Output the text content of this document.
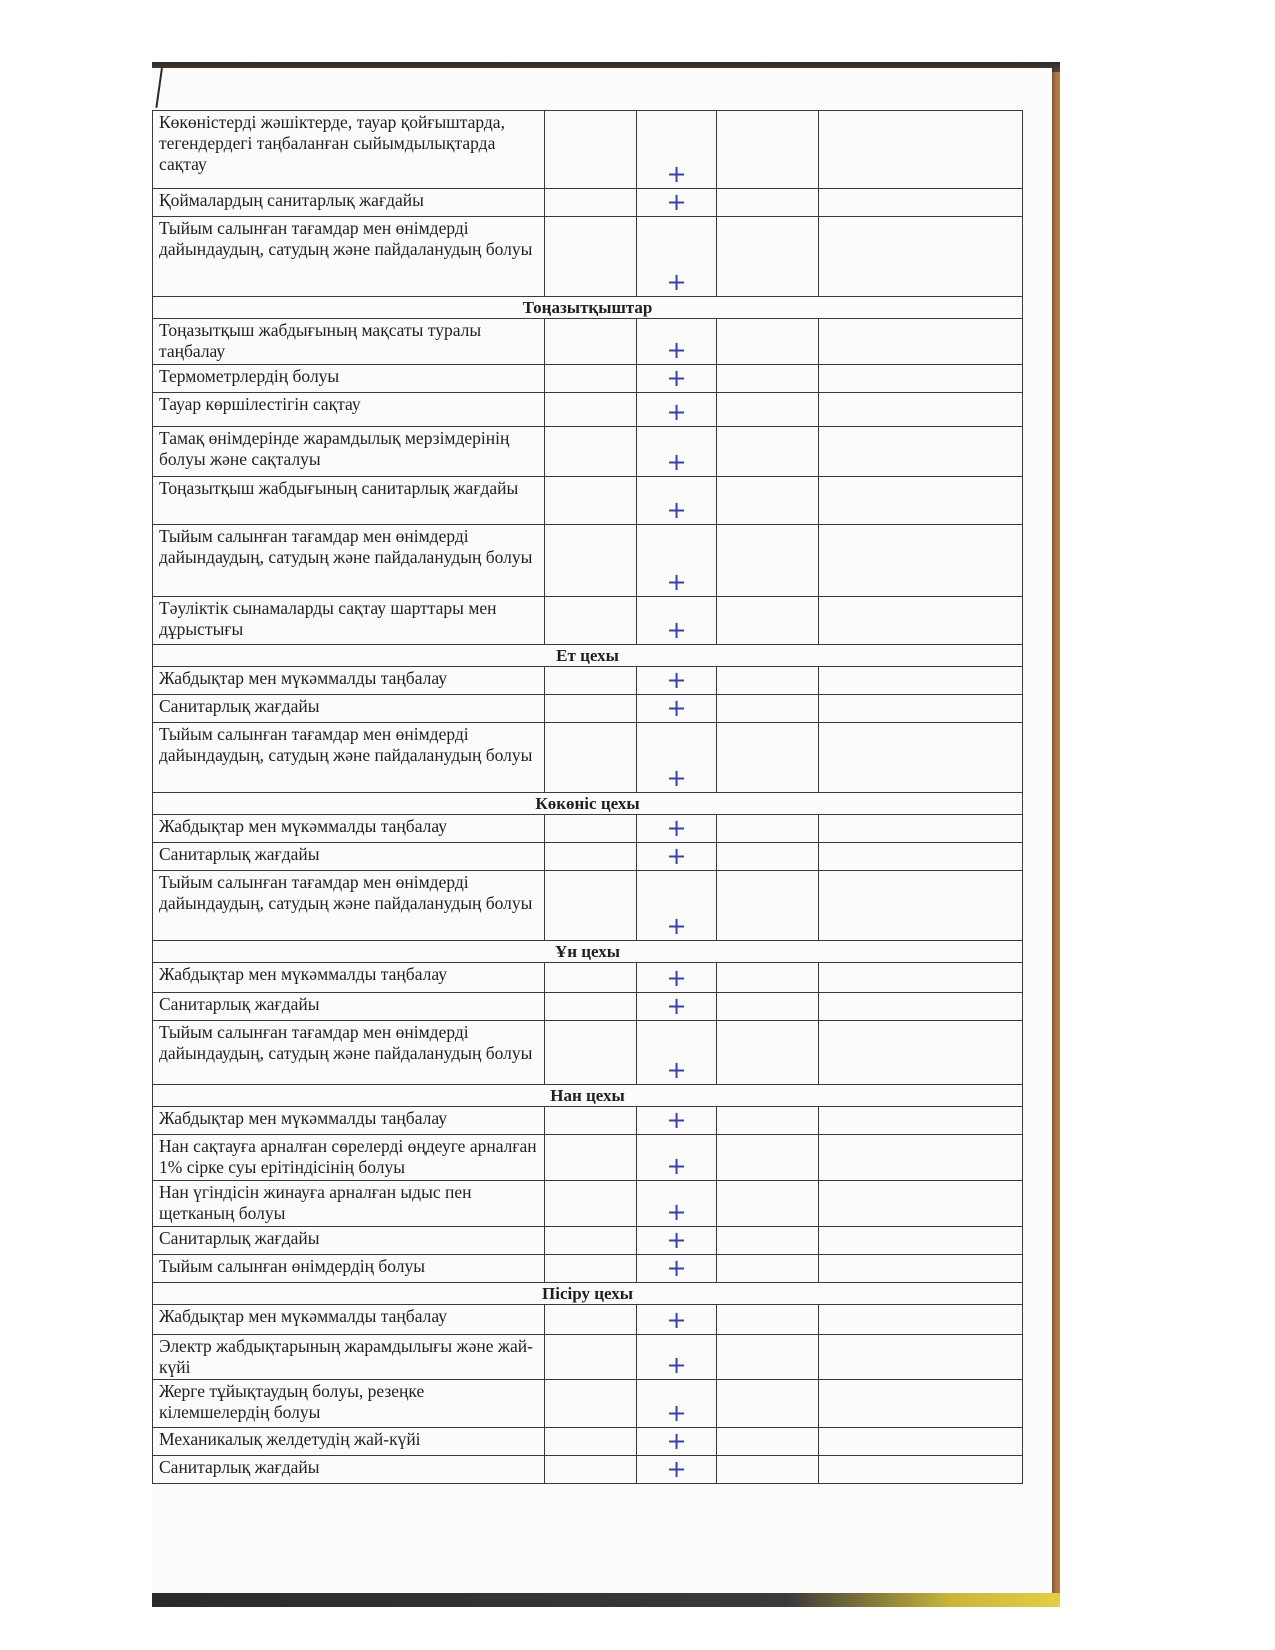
Көкөністерді жәшіктерде, тауар қойғыштарда, тегендердегі таңбаланған сыйымдылықтарда сақтау		+		
Қоймалардың санитарлық жағдайы		+		
Тыйым салынған тағамдар мен өнімдерді дайындаудың, сатудың және пайдаланудың болуы		+		
Тоңазытқыштар				
Тоңазытқыш жабдығының мақсаты туралы таңбалау		+		
Термометрлердің болуы		+		
Тауар көршілестігін сақтау		+		
Тамақ өнімдерінде жарамдылық мерзімдерінің болуы және сақталуы		+		
Тоңазытқыш жабдығының санитарлық жағдайы		+		
Тыйым салынған тағамдар мен өнімдерді дайындаудың, сатудың және пайдаланудың болуы		+		
Тәуліктік сынамаларды сақтау шарттары мен дұрыстығы		+		
Ет цехы				
Жабдықтар мен мүкәммалды таңбалау		+		
Санитарлық жағдайы		+		
Тыйым салынған тағамдар мен өнімдерді дайындаудың, сатудың және пайдаланудың болуы		+		
Көкөніс цехы				
Жабдықтар мен мүкәммалды таңбалау		+		
Санитарлық жағдайы		+		
Тыйым салынған тағамдар мен өнімдерді дайындаудың, сатудың және пайдаланудың болуы		+		
Ұн цехы				
Жабдықтар мен мүкәммалды таңбалау		+		
Санитарлық жағдайы		+		
Тыйым салынған тағамдар мен өнімдерді дайындаудың, сатудың және пайдаланудың болуы		+		
Нан цехы				
Жабдықтар мен мүкәммалды таңбалау		+		
Нан сақтауға арналған сөрелерді өңдеуге арналған 1% сірке суы ерітіндісінің болуы		+		
Нан үгіндісін жинауға арналған ыдыс пен щетканың болуы		+		
Санитарлық жағдайы		+		
Тыйым салынған өнімдердің болуы		+		
Пісіру цехы				
Жабдықтар мен мүкәммалды таңбалау		+		
Электр жабдықтарының жарамдылығы және жай-күйі		+		
Жерге тұйықтаудың болуы, резеңке кілемшелердің болуы		+		
Механикалық желдетудің жай-күйі		+		
Санитарлық жағдайы		+		
